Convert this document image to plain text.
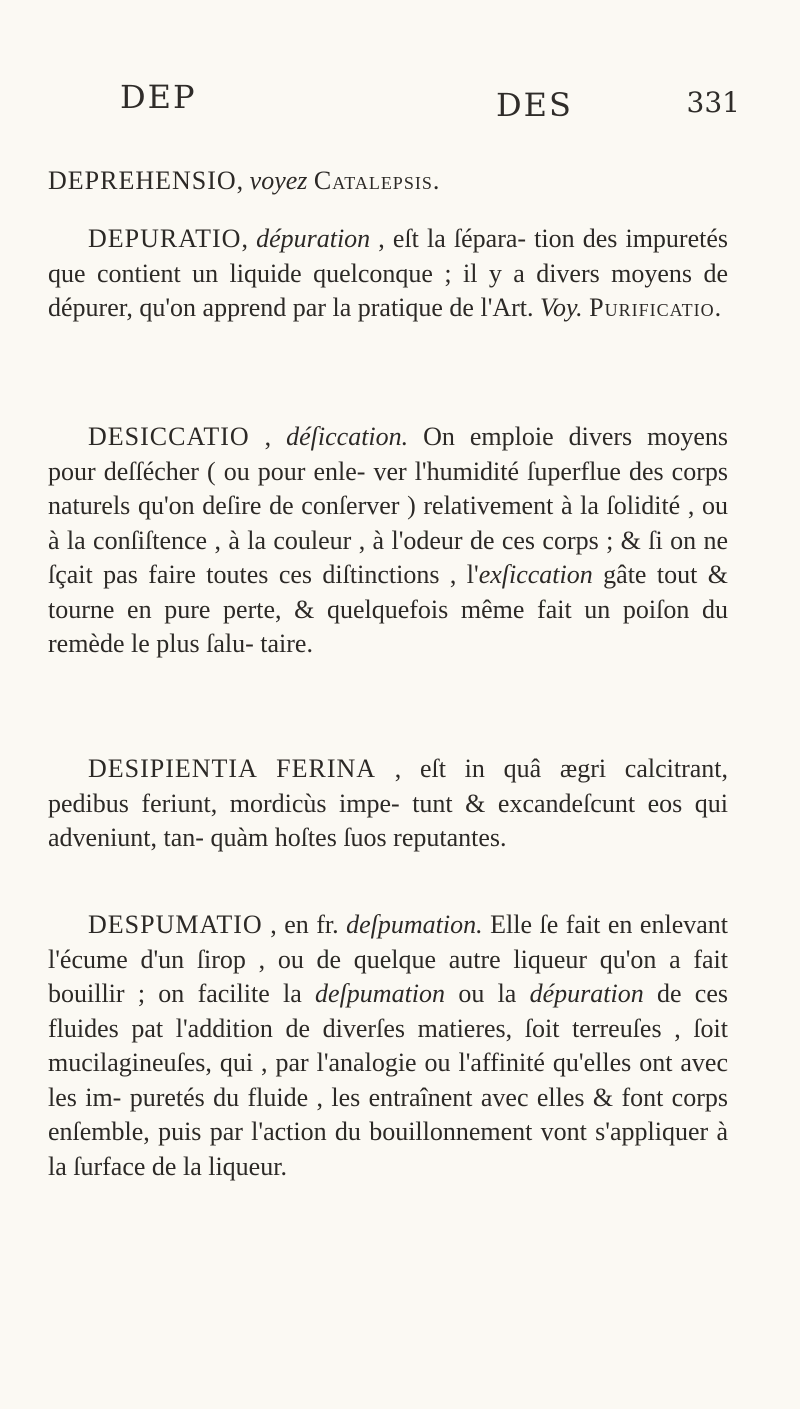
DEP	DES	331

DEPREHENSIO, voyez Catalepsis.

DEPURATIO, dépuration , eſt la ſépara- tion des impuretés que contient un liquide quelconque ; il y a divers moyens de dépurer, qu'on apprend par la pratique de l'Art. Voy. Purificatio.

DESICCATIO , déſiccation. On emploie divers moyens pour deſſécher ( ou pour enle- ver l'humidité ſuperflue des corps naturels qu'on deſire de conſerver ) relativement à la ſolidité , ou à la conſiſtence , à la couleur , à l'odeur de ces corps ; & ſi on ne ſçait pas faire toutes ces diſtinctions , l'exſiccation gâte tout & tourne en pure perte, & quelquefois même fait un poiſon du remède le plus ſalu- taire.

DESIPIENTIA FERINA , eſt in quâ ægri calcitrant, pedibus feriunt, mordicùs impe- tunt & excandeſcunt eos qui adveniunt, tan- quàm hoſtes ſuos reputantes.

DESPUMATIO , en fr. deſpumation. Elle ſe fait en enlevant l'écume d'un ſirop , ou de quelque autre liqueur qu'on a fait bouillir ; on facilite la deſpumation ou la dépuration de ces fluides pat l'addition de diverſes matieres, ſoit terreuſes , ſoit mucilagineuſes, qui , par l'analogie ou l'affinité qu'elles ont avec les im- puretés du fluide , les entraînent avec elles & font corps enſemble, puis par l'action du bouillonnement vont s'appliquer à la ſurface de la liqueur.
